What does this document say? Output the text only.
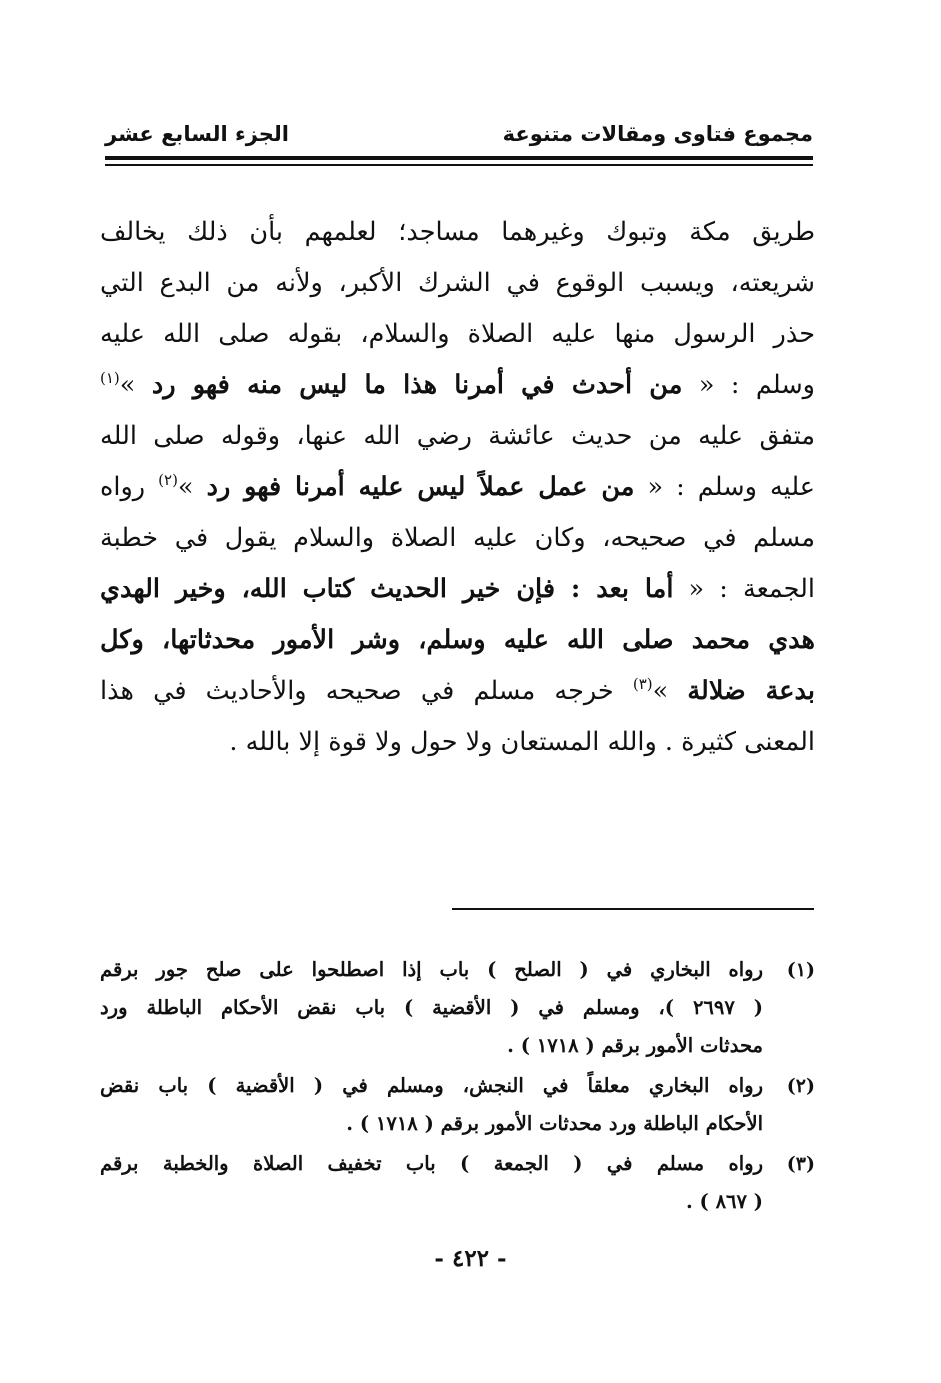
مجموع فتاوى ومقالات متنوعة
الجزء السابع عشر
طريق مكة وتبوك وغيرهما مساجد؛ لعلمهم بأن ذلك يخالف
شريعته، ويسبب الوقوع في الشرك الأكبر، ولأنه من البدع التي
حذر الرسول منها عليه الصلاة والسلام، بقوله صلى الله عليه
وسلم : « من أحدث في أمرنا هذا ما ليس منه فهو رد »$^{(١)}$
متفق عليه من حديث عائشة رضي الله عنها، وقوله صلى الله
عليه وسلم : « من عمل عملاً ليس عليه أمرنا فهو رد »$^{(٢)}$ رواه
مسلم في صحيحه، وكان عليه الصلاة والسلام يقول في خطبة
الجمعة : « أما بعد : فإن خير الحديث كتاب الله، وخير الهدي
هدي محمد صلى الله عليه وسلم، وشر الأمور محدثاتها، وكل
بدعة ضلالة »$^{(٣)}$ خرجه مسلم في صحيحه والأحاديث في هذا
المعنى كثيرة . والله المستعان ولا حول ولا قوة إلا بالله .
(١)
رواه البخاري في ( الصلح ) باب إذا اصطلحوا على صلح جور برقم
( ٢٦٩٧ )، ومسلم في ( الأقضية ) باب نقض الأحكام الباطلة ورد
محدثات الأمور برقم ( ١٧١٨ ) .
(٢)
رواه البخاري معلقاً في النجش، ومسلم في ( الأقضية ) باب نقض
الأحكام الباطلة ورد محدثات الأمور برقم ( ١٧١٨ ) .
(٣)
رواه مسلم في ( الجمعة ) باب تخفيف الصلاة والخطبة برقم
( ٨٦٧ ) .
- ٤٢٢ -
